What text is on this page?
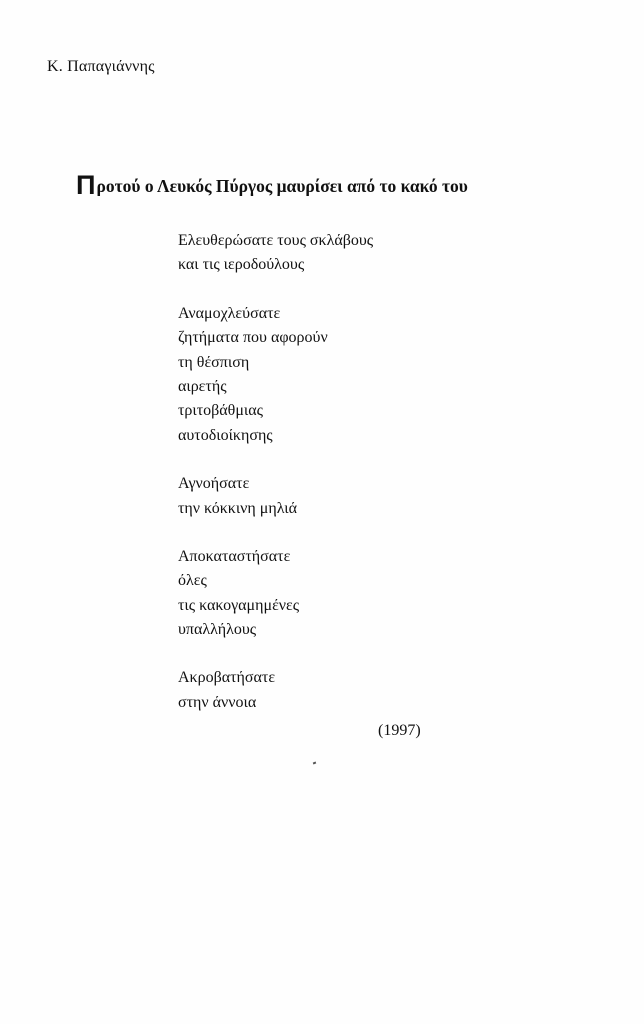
Κ. Παπαγιάννης
Προτού ο Λευκός Πύργος μαυρίσει από το κακό του
Ελευθερώσατε τους σκλάβους
και τις ιεροδούλους
Αναμοχλεύσατε
ζητήματα που αφορούν
τη θέσπιση
αιρετής
τριτοβάθμιας
αυτοδιοίκησης
Αγνοήσατε
την κόκκινη μηλιά
Αποκαταστήσατε
όλες
τις κακογαμημένες
υπαλλήλους
Ακροβατήσατε
στην άννοια
(1997)
